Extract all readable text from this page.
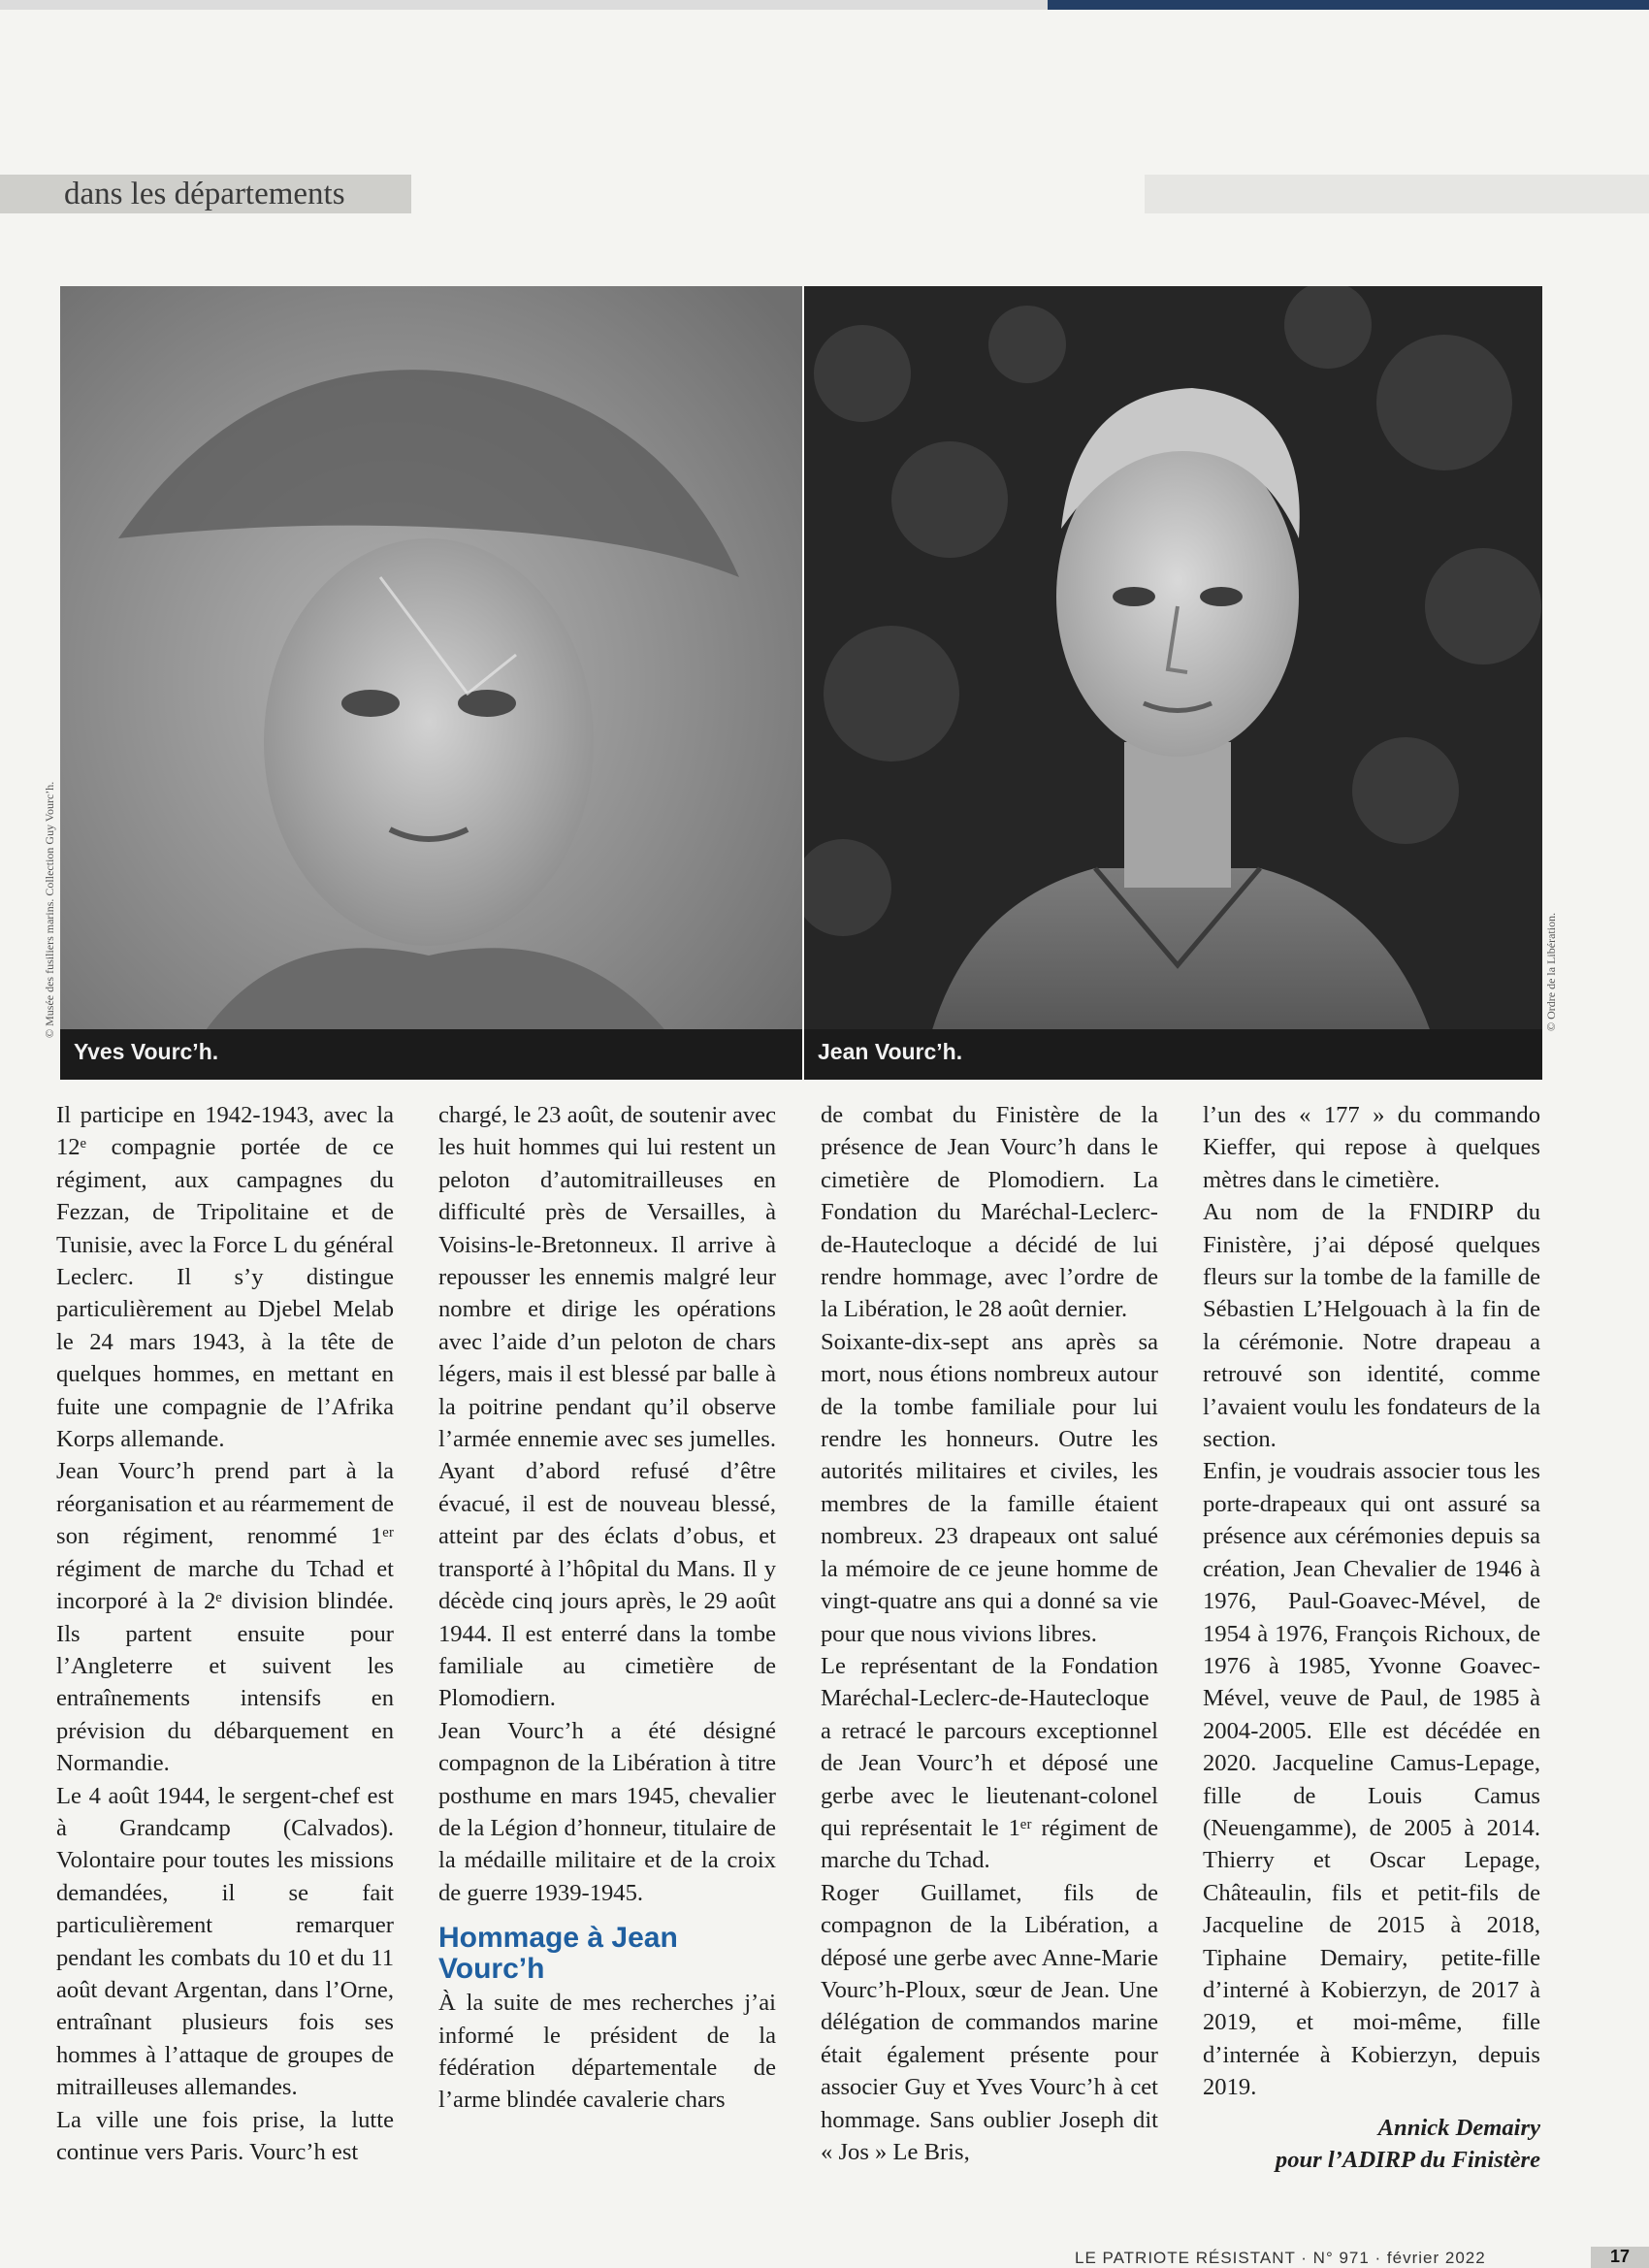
dans les départements
Yves Vourc’h.
© Musée des fusiliers marins. Collection Guy Vourc’h.
Jean Vourc’h.
© Ordre de la Libération.

Il participe en 1942-1943, avec la 12ᵉ compagnie portée de ce régiment, aux campagnes du Fezzan, de Tripolitaine et de Tunisie, avec la Force L du général Leclerc. Il s’y distingue particulièrement au Djebel Melab le 24 mars 1943, à la tête de quelques hommes, en mettant en fuite une compagnie de l’Afrika Korps allemande.

Jean Vourc’h prend part à la réorganisation et au réarmement de son régiment, renommé 1ᵉʳ régiment de marche du Tchad et incorporé à la 2ᵉ division blindée. Ils partent ensuite pour l’Angleterre et suivent les entraînements intensifs en prévision du débarquement en Normandie.

Le 4 août 1944, le sergent-chef est à Grandcamp (Calvados). Volontaire pour toutes les missions demandées, il se fait particulièrement remarquer pendant les combats du 10 et du 11 août devant Argentan, dans l’Orne, entraînant plusieurs fois ses hommes à l’attaque de groupes de mitrailleuses allemandes.

La ville une fois prise, la lutte continue vers Paris. Vourc’h est

chargé, le 23 août, de soutenir avec les huit hommes qui lui restent un peloton d’automitrailleuses en difficulté près de Versailles, à Voisins-le-Bretonneux. Il arrive à repousser les ennemis malgré leur nombre et dirige les opérations avec l’aide d’un peloton de chars légers, mais il est blessé par balle à la poitrine pendant qu’il observe l’armée ennemie avec ses jumelles. Ayant d’abord refusé d’être évacué, il est de nouveau blessé, atteint par des éclats d’obus, et transporté à l’hôpital du Mans. Il y décède cinq jours après, le 29 août 1944. Il est enterré dans la tombe familiale au cimetière de Plomodiern.

Jean Vourc’h a été désigné compagnon de la Libération à titre posthume en mars 1945, chevalier de la Légion d’honneur, titulaire de la médaille militaire et de la croix de guerre 1939-1945.

Hommage à Jean Vourc’h

À la suite de mes recherches j’ai informé le président de la fédération départementale de l’arme blindée cavalerie chars

de combat du Finistère de la présence de Jean Vourc’h dans le cimetière de Plomodiern. La Fondation du Maréchal-Leclerc-de-Hautecloque a décidé de lui rendre hommage, avec l’ordre de la Libération, le 28 août dernier.

Soixante-dix-sept ans après sa mort, nous étions nombreux autour de la tombe familiale pour lui rendre les honneurs. Outre les autorités militaires et civiles, les membres de la famille étaient nombreux. 23 drapeaux ont salué la mémoire de ce jeune homme de vingt-quatre ans qui a donné sa vie pour que nous vivions libres.

Le représentant de la Fondation Maréchal-Leclerc-de-Hautecloque a retracé le parcours exceptionnel de Jean Vourc’h et déposé une gerbe avec le lieutenant-colonel qui représentait le 1ᵉʳ régiment de marche du Tchad.

Roger Guillamet, fils de compagnon de la Libération, a déposé une gerbe avec Anne-Marie Vourc’h-Ploux, sœur de Jean. Une délégation de commandos marine était également présente pour associer Guy et Yves Vourc’h à cet hommage. Sans oublier Joseph dit « Jos » Le Bris,

l’un des « 177 » du commando Kieffer, qui repose à quelques mètres dans le cimetière.

Au nom de la FNDIRP du Finistère, j’ai déposé quelques fleurs sur la tombe de la famille de Sébastien L’Helgouach à la fin de la cérémonie. Notre drapeau a retrouvé son identité, comme l’avaient voulu les fondateurs de la section.

Enfin, je voudrais associer tous les porte-drapeaux qui ont assuré sa présence aux cérémonies depuis sa création, Jean Chevalier de 1946 à 1976, Paul-Goavec-Mével, de 1954 à 1976, François Richoux, de 1976 à 1985, Yvonne Goavec-Mével, veuve de Paul, de 1985 à 2004-2005. Elle est décédée en 2020. Jacqueline Camus-Lepage, fille de Louis Camus (Neuengamme), de 2005 à 2014. Thierry et Oscar Lepage, Châteaulin, fils et petit-fils de Jacqueline de 2015 à 2018, Tiphaine Demairy, petite-fille d’interné à Kobierzyn, de 2017 à 2019, et moi-même, fille d’internée à Kobierzyn, depuis 2019.

Annick Demairy
pour l’ADIRP du Finistère
LE PATRIOTE RÉSISTANT · N° 971 · février 2022	17
